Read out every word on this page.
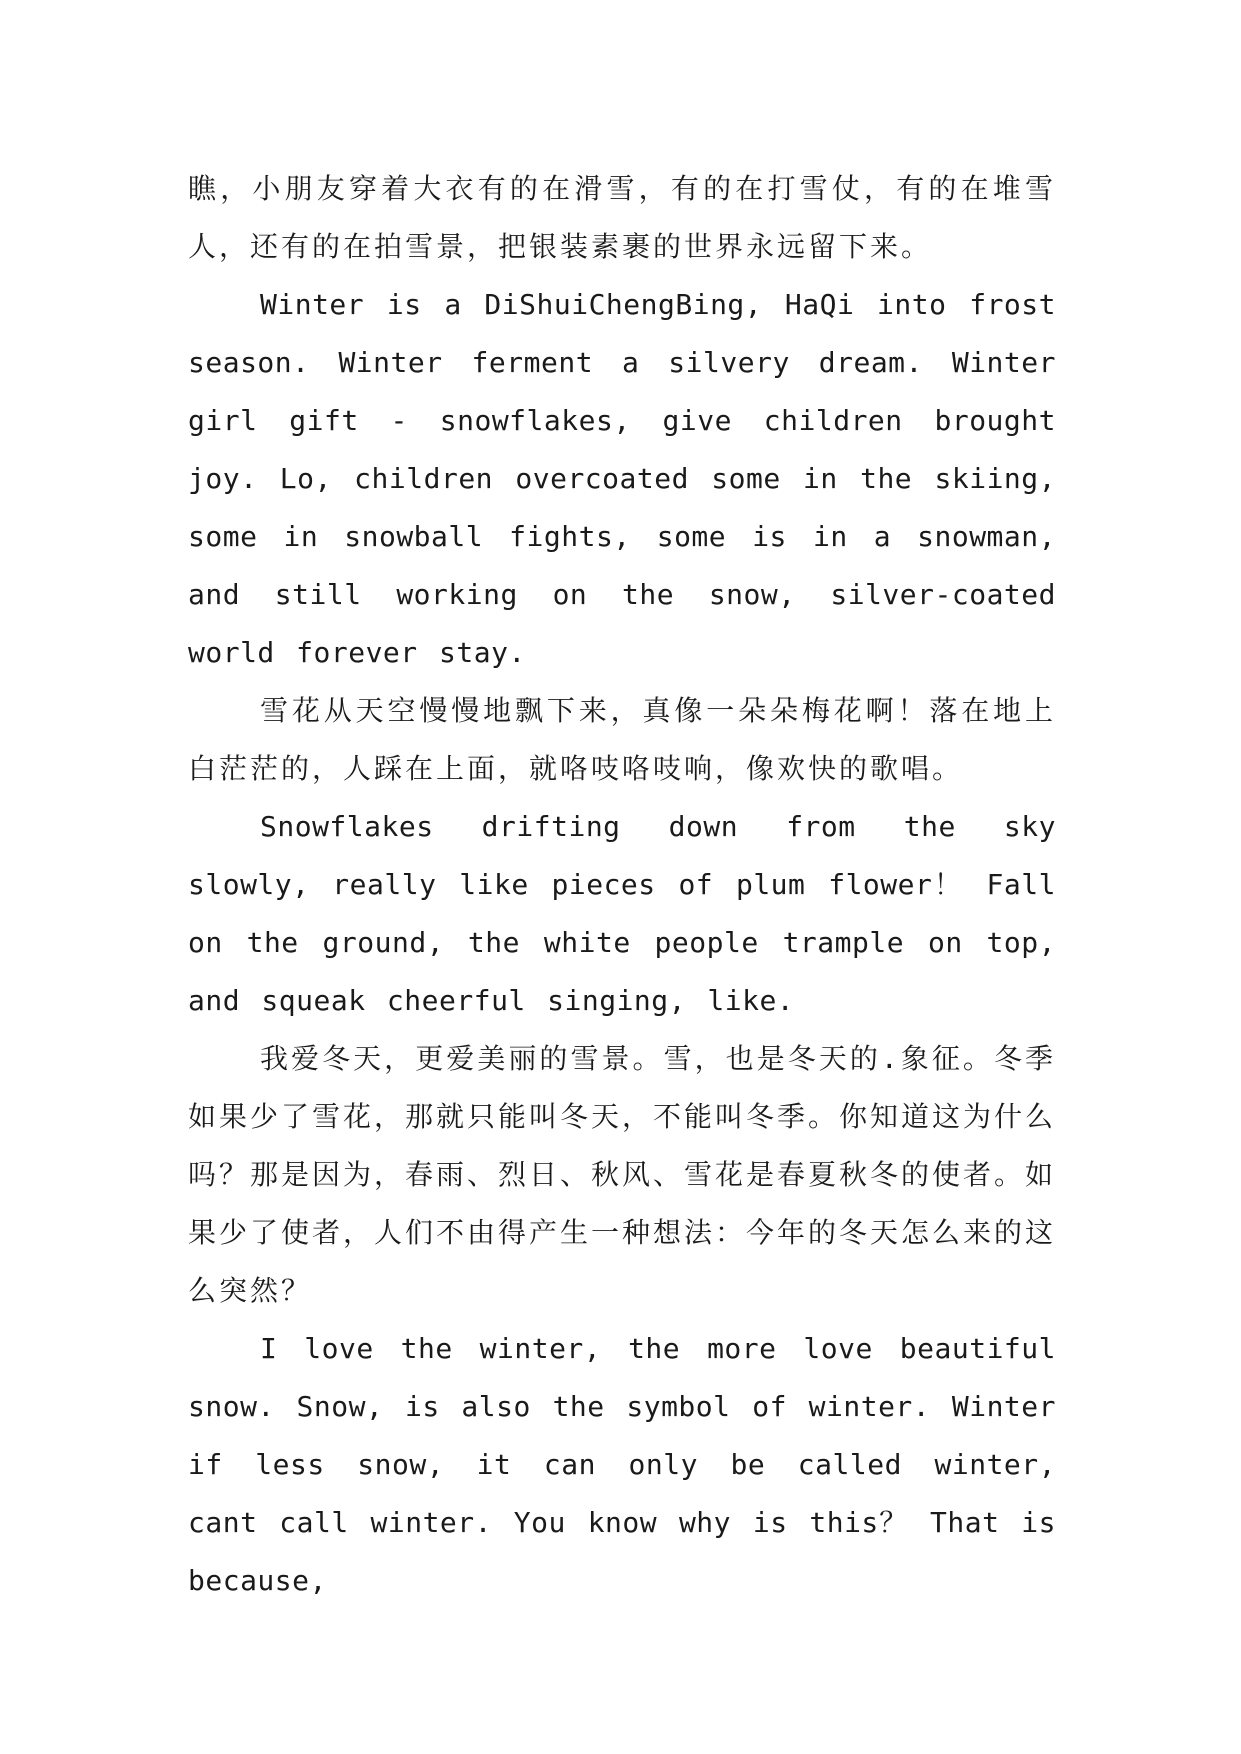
瞧，小朋友穿着大衣有的在滑雪，有的在打雪仗，有的在堆雪人，还有的在拍雪景，把银装素裹的世界永远留下来。

Winter is a DiShuiChengBing, HaQi into frost season. Winter ferment a silvery dream. Winter girl gift - snowflakes, give children brought joy. Lo, children overcoated some in the skiing, some in snowball fights, some is in a snowman, and still working on the snow, silver-coated world forever stay.

雪花从天空慢慢地飘下来，真像一朵朵梅花啊！落在地上白茫茫的，人踩在上面，就咯吱咯吱响，像欢快的歌唱。

Snowflakes drifting down from the sky slowly, really like pieces of plum flower！ Fall on the ground, the white people trample on top, and squeak cheerful singing, like.

我爱冬天，更爱美丽的雪景。雪，也是冬天的.象征。冬季如果少了雪花，那就只能叫冬天，不能叫冬季。你知道这为什么吗？那是因为，春雨、烈日、秋风、雪花是春夏秋冬的使者。如果少了使者，人们不由得产生一种想法：今年的冬天怎么来的这么突然？

I love the winter, the more love beautiful snow. Snow, is also the symbol of winter. Winter if less snow, it can only be called winter, cant call winter. You know why is this？ That is because,
